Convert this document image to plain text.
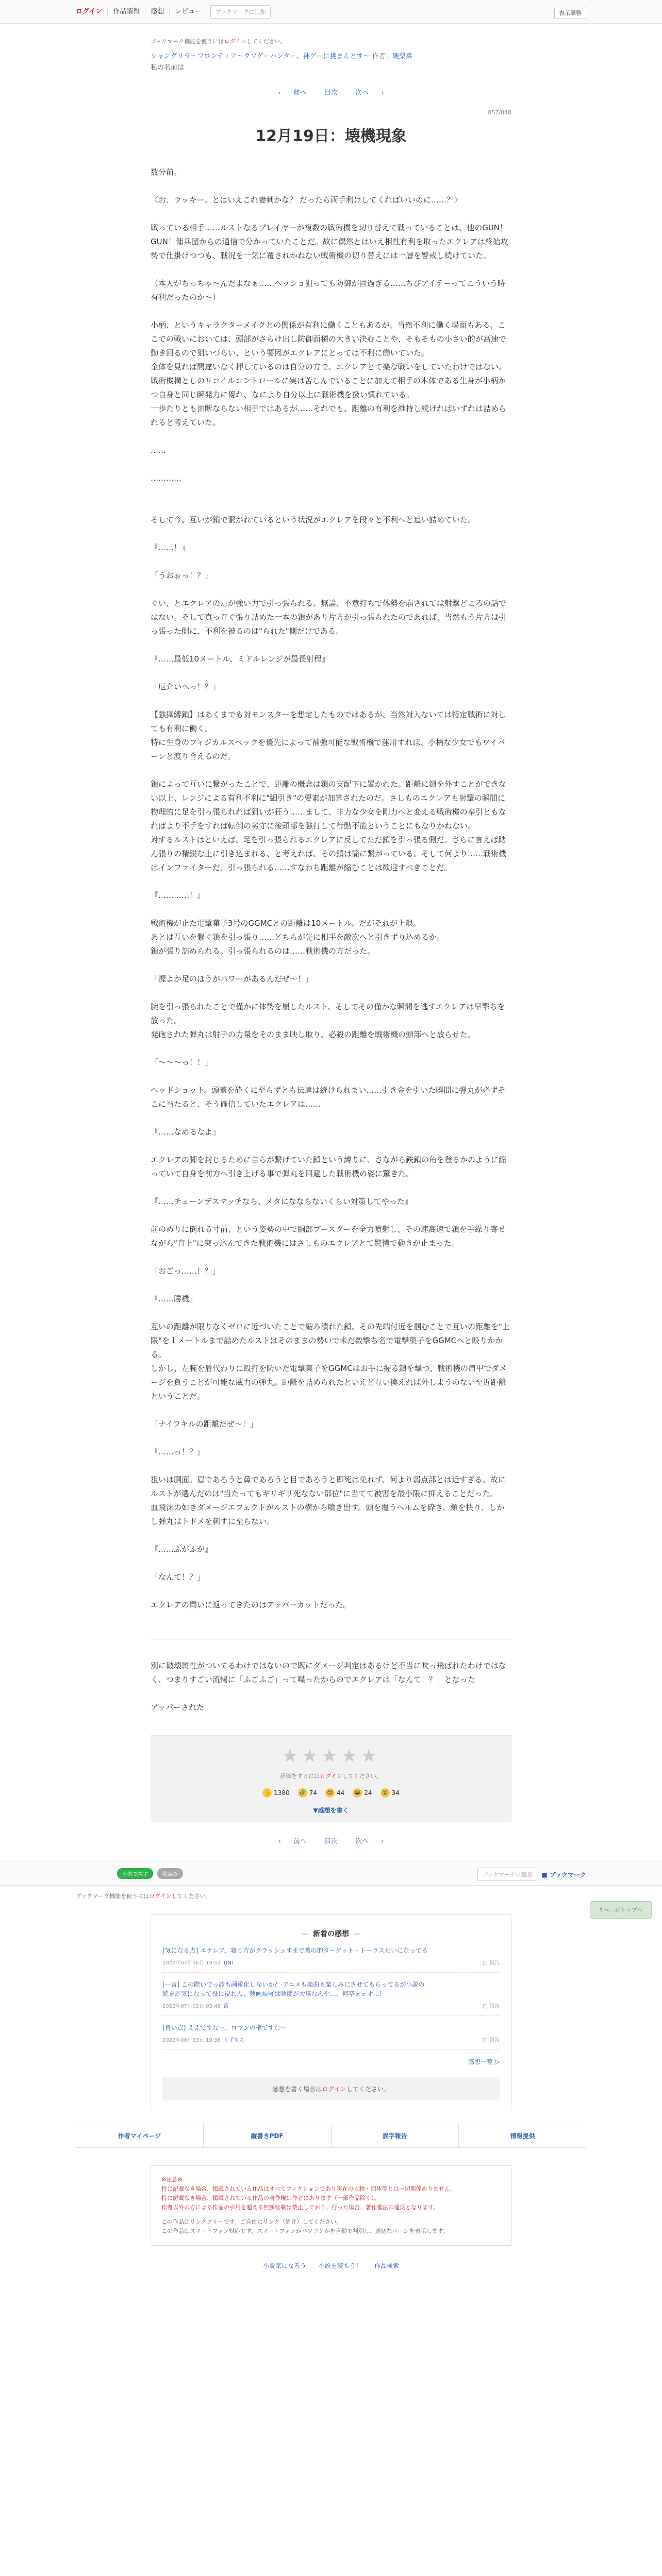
ログイン	作品情報	感想	レビュー	ブックマークに追加	表示調整
ブックマーク機能を使うにはログインしてください。
シャングリラ・フロンティア〜クソゲーハンター、神ゲーに挑まんとす〜 作者：硬梨菜
私の名前は
‹ 前へ	目次	次へ ›
857/848
12月19日：壊機現象

数分前。

〈お、ラッキー。とはいえこれ妻刺かな？ だったら両手利けしてくればいいのに……？〉

戦っている相手……ルストなるプレイヤーが複数の戦術機を切り替えて戦っていることは、他のGUN！GUN！傭兵団からの通信で分かっていたことだ。故に偶然とはいえ相性有利を取ったエクレアは終始攻勢で仕掛けつつも、戦況を一気に覆されかねない戦術機の切り替えには一層を警戒し続けていた。

（本人がちっちゃ～んだよなぁ……ヘッショ狙っても防御が固過ぎる……ちびアイテーってこういう時有利だったのか～）

小柄、というキャラクターメイクとの関係が有利に働くこともあるが、当然不利に働く場面もある。ここでの戦いにおいては、頭部がさらけ出し防御面積の大きい決むことや、そもそもの小さい的が高速で動き回るので狙いづらい、という要因がエクレアにとっては不利に働いていた。

全体を見れば間違いなく押しているのは自分の方で、エクレアとて楽な戦いをしていたわけではない。戦術機構としのリコイルコントロールに実は苦しんでいることに加えて相手の本体である生身が小柄かつ自身と同じ瞬発力に優れ、なにより自分以上に戦術機を扱い慣れている。

一歩たりとも油断ならない相手ではあるが……それでも、距離の有利を維持し続ければいずれは詰められると考えていた。

……

…………

そして今、互いが鎖で繋がれているという状況がエクレアを段々と不利へと追い詰めていた。

『……！』

「うおぉっ！？」

ぐい、とエクレアの足が強い力で引っ張られる。無論、不意打ちで体勢を崩されては射撃どころの話ではない。そして真っ直ぐ張り詰めた一本の鎖があり片方が引っ張られたのであれば、当然もう片方は引っ張った側に、不利を被るのは"られた"側だけである。

『……最低10メートル、ミドルレンジが最長射程』

「厄介いへっ！？」

【強獄縛鎖】はあくまでも対モンスターを想定したものではあるが、当然対人ないては特定戦術に対しても有利に働く。

特に生身のフィジカルスペックを優先によって補強可能な戦術機で運用すれば、小柄な少女でもワイバーンと渡り合えるのだ。

鎖によって互いに繋がったことで、距離の概念は鎖の支配下に置かれた。距離に鎖を外すことができない以上、レンジによる有利不利に"細引き"の要素が加算されたのだ。さしものエクレアも射撃の瞬間に物理的に足を引っ張られれば狙いが狂う……まして、非力な少女を剛力へと変える戦術機の奉引ともなればより不手をすれば転倒の劣守に後頭部を強打して行動不能ということにもなりかねない。

対するルストはといえば、足を引っ張られるエクレアに反してただ鎖を引っ張る側だ。さらに言えば踏ん張りの精鋭な上に引き込まれる、と考えれば、その鎖は簡に繋がっている。そして何より……戦術機はインファイターだ、引っ張られる……すなわち距離が縮むことは歓迎すべきことだ。

『…………！』

戦術機が止た電撃菓子3号のGGMCとの距離は10メートル。だがそれが上限。

あとは互いを繋ぐ鎖を引っ張り……どちらが先に相手を敵次へと引きずり込めるか。

鎖が張り詰められる。引っ張られるのは……戦術機の方だった。

「握よか足のほうがパワーがあるんだぜ～！」

腕を引っ張られたことで僅かに体勢を崩したルスト、そしてその僅かな瞬間を逃すエクレアは早撃ちを放った。

発砲された弾丸は射手の力量をそのまま映し取り、必殺の距離を戦術機の頭部へと放らせた。

「～～～っ！！」

ヘッドショット。頭蓋を砕くに至らずとも伝達は続けられまい……引き金を引いた瞬間に弾丸が必ずそこに当たると、そう確信していたエクレアは……

『……なめるなよ』

エクレアの脚を封じるために自らが繋げていた鎖という縛りに、さながら鉄鎖の角を登るかのように縮っていて自身を前方へ引き上げる事で弾丸を回避した戦術機の姿に驚きた。

『……チェーンデスマッチなら、メタになならないくらい対策してやった』

前のめりに倒れる寸前、という姿勢の中で胴部ブースターを全力噴射し、その速高速で鎖を手繰り寄せながら"直上"に突っ込んできた戦術機にはさしものエクレアとて驚愕で動きが止まった。

「おごっ……！？」

『……勝機』

互いの距離が限りなくゼロに近づいたことで縮み潰れた鎖。その先端付近を掴むことで互いの距離を"上限"を１メートルまで詰めたルストはそのままの勢いで未だ数撃ち名で電撃菓子をGGMCへと殴りかかる。

しかし、左腕を盾代わりに殴打を防いだ電撃菓子をGGMCはお手に握る鎖を撃つ、戦術機の肩甲でダメージを負うことが可能な威力の弾丸。距離を詰められたといえど互い換えれば外しようのない至近距離ということだ。

「ナイフキルの距離だぜ～！」

『……っ！？』

狙いは胴面。眉であろうと鼻であろうと目であろうと即死は免れず、何より弱点部とは近すぎる。故にルストが選んだのは"当たってもギリギリ死なない部位"に当てて被害を最小限に抑えることだった。

血飛沫の如きダメージエフェクトがルストの横から噴き出す。頭を覆うヘルムを砕き、頬を抉り、しかし弾丸はトドメを刺すに至らない。

『……ふがふが』

「なんて！？」

エクレアの問いに返ってきたのはアッパーカットだった。

別に破壊属性がついてるわけではないので既にダメージ判定はあるけど不当に吹っ飛ばれたわけではなく、つまりすごい流暢に「ふごふご」って喋ったからのでエクレアは「なんて！？」となった

アッパーされた

★★★★★
評価をするにはログインしてください。
👍 1380 🤣 74 😢 44 😭 24 😮 34
▼感想を書く
‹ 前へ	目次	次へ ›
↑ページトップへ
小説で探す	縦読み	ブックマークに追加	■ ブックマーク
ブックマーク機能を使うにはログインしてください。
— 新着の感想 —
[気になる点] エクレア、寝り方がクラッシュすまで蓋の的ターゲット・トーラスたいになってる
2022年07月06日 19:53 UNI	□ 報告
[一言] この際いでっ診も画重化しないか？ アニメも楽曲も楽しみにさせてもらってるが小説の続きが気になって役に視れん、映画煩写は映度が大事なんや…、何卒ェェオ…！
2022年07月02日 03:48 霞	□ 報告
[良い点] ええですなー、ロマンの権ですな〜
2022年06月23日 19:38 くずもち	□ 報告
感想一覧 ▷
感想を書く場合はログインしてください。
作者マイページ	縦書きPDF	誤字報告	情報提供
※注意※
特に記載なき場合、掲載されている作品はすべてフィクションであり実在の人物・団体等とは一切関係ありません。
特に記載なき場合、掲載されている作品の著作権は作者にあります（一部作品除く）。
作者以外の方による作品の引用を超える無断転載は禁止しており、行った場合、著作権法の違反となります。
この作品はリンクフリーです。ご自由にリンク（紹介）してください。
この作品はスマートフォン対応です。スマートフォンかパソコンかを自動で判別し、適切なページを表示します。
小説家になろう 小説を読もう！ 作品検索
